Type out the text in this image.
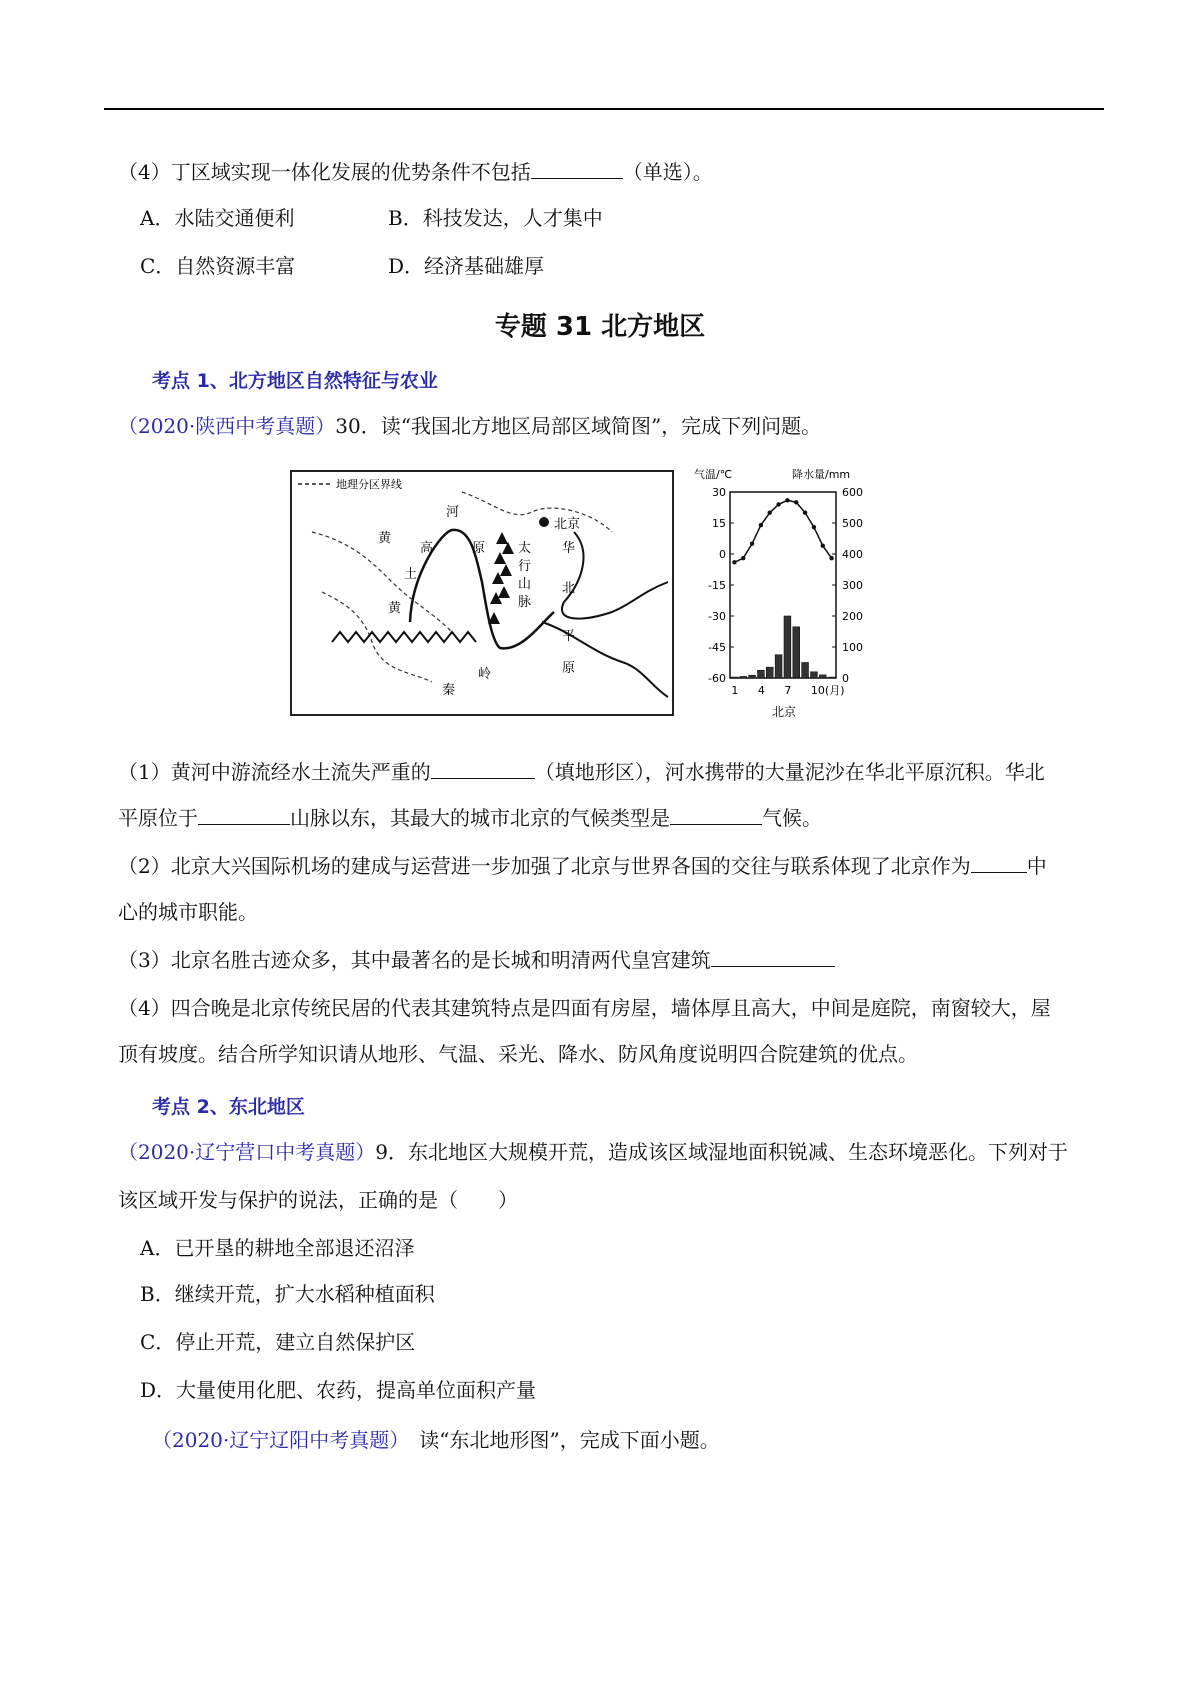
（4）丁区域实现一体化发展的优势条件不包括	（单选）。
A．水陆交通便利	B．科技发达，人才集中
C．自然资源丰富	D．经济基础雄厚
专题 31 北方地区
考点 1、北方地区自然特征与农业
（2020·陕西中考真题）30．读“我国北方地区局部区域简图”，完成下列问题。
地理分区界线
北京
华
北
平
原
太
行
山
脉
黄
土
高	原
河
秦
岭
黄
气温/℃	降水量/mm
30
15
0
-15
-30
-45
-60
600
500
400
300
200
100
0
1 4 7 10(月)
北京
（1）黄河中游流经水土流失严重的	（填地形区），河水携带的大量泥沙在华北平原沉积。华北
平原位于	山脉以东，其最大的城市北京的气候类型是	气候。
（2）北京大兴国际机场的建成与运营进一步加强了北京与世界各国的交往与联系体现了北京作为	中
心的城市职能。
（3）北京名胜古迹众多，其中最著名的是长城和明清两代皇宫建筑
（4）四合晚是北京传统民居的代表其建筑特点是四面有房屋，墙体厚且高大，中间是庭院，南窗较大，屋
顶有坡度。结合所学知识请从地形、气温、采光、降水、防风角度说明四合院建筑的优点。
考点 2、东北地区
（2020·辽宁营口中考真题）9．东北地区大规模开荒，造成该区域湿地面积锐减、生态环境恶化。下列对于
该区域开发与保护的说法，正确的是（　　）
A．已开垦的耕地全部退还沼泽
B．继续开荒，扩大水稻种植面积
C．停止开荒，建立自然保护区
D．大量使用化肥、农药，提高单位面积产量
（2020·辽宁辽阳中考真题）　 读“东北地形图”，完成下面小题。
